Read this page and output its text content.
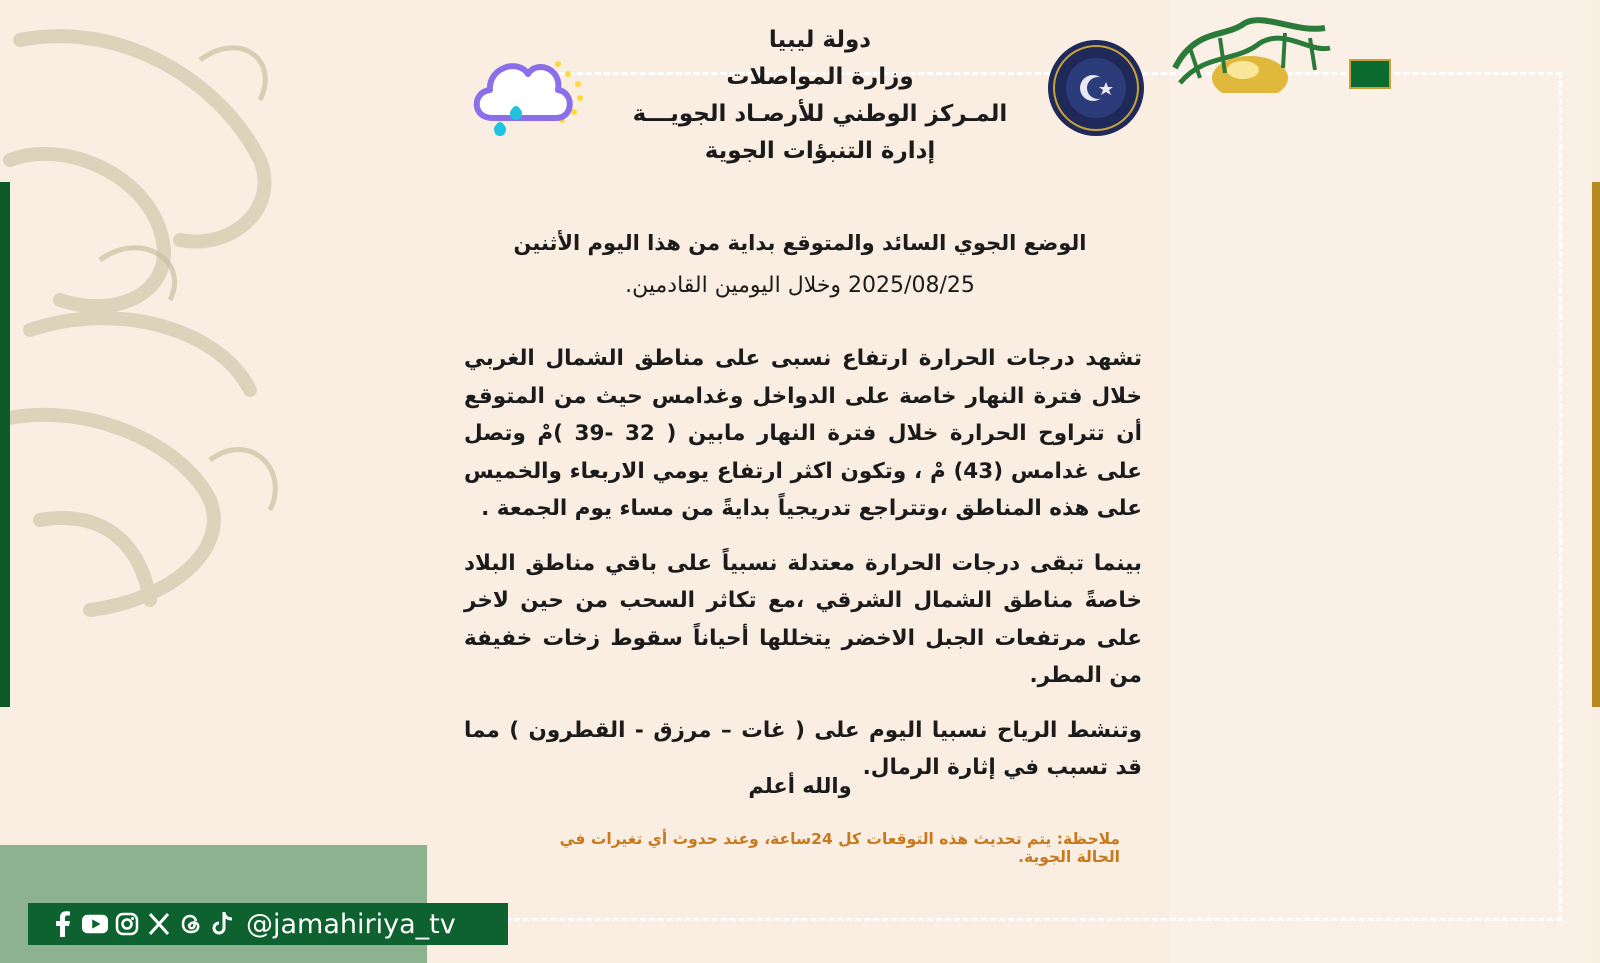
دولة ليبيا
وزارة المواصلات
المـركز الوطني للأرصـاد الجويـــة
إدارة التنبؤات الجوية
الوضع الجوي السائد والمتوقع بداية من هذا اليوم الأثنين
2025/08/25 وخلال اليومين القادمين.

تشهد درجات الحرارة ارتفاع نسبى على مناطق الشمال الغربي خلال فترة النهار خاصة على الدواخل وغدامس حيث من المتوقع أن تتراوح الحرارة خلال فترة النهار مابين ( 32 -39 )مْ وتصل على غدامس (43) مْ ، وتكون اكثر ارتفاع يومي الاربعاء والخميس على هذه المناطق ،وتتراجع تدريجياً بدايةً من مساء يوم الجمعة .

بينما تبقى درجات الحرارة معتدلة نسبياً على باقي مناطق البلاد خاصةً مناطق الشمال الشرقي ،مع تكاثر السحب من حين لاخر على مرتفعات الجبل الاخضر يتخللها أحياناً سقوط زخات خفيفة من المطر.

وتنشط الرياح نسبيا اليوم على ( غات – مرزق - القطرون ) مما قد تسبب في إثارة الرمال.

والله أعلم
ملاحظة: يتم تحديث هذه التوقعات كل 24ساعة، وعند حدوث أي تغيرات في الحالة الجوية.
@jamahiriya_tv
